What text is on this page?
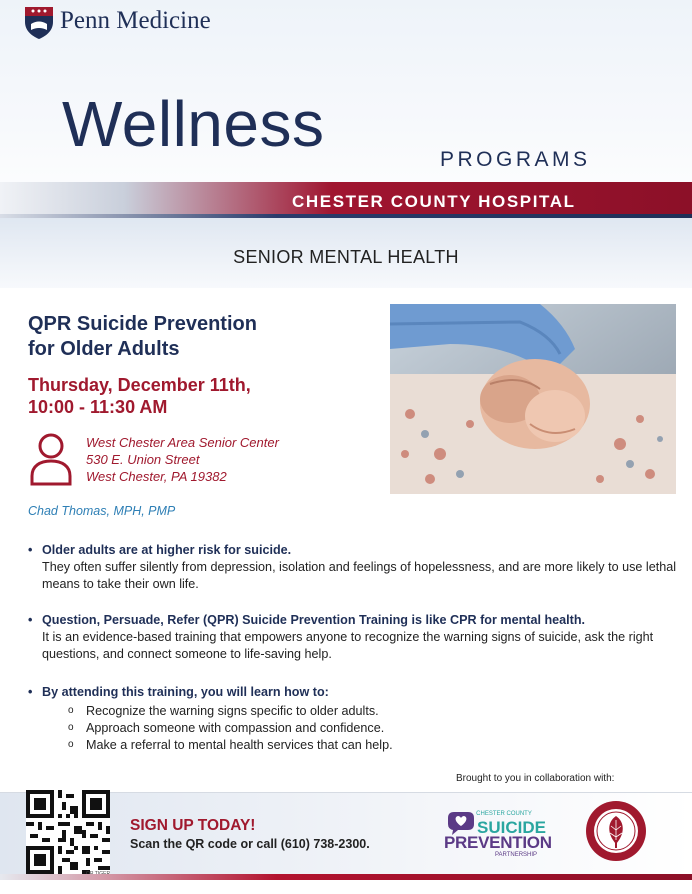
Penn Medicine
Wellness	PROGRAMS
CHESTER COUNTY HOSPITAL
SENIOR MENTAL HEALTH
QPR Suicide Prevention
for Older Adults
Thursday, December 11th,
10:00 - 11:30 AM
West Chester Area Senior Center
530 E. Union Street
West Chester, PA 19382
Chad Thomas, MPH, PMP
• Older adults are at higher risk for suicide.
They often suffer silently from depression, isolation and feelings of hopelessness, and are more likely to use lethal means to take their own life.
• Question, Persuade, Refer (QPR) Suicide Prevention Training is like CPR for mental health.
It is an evidence-based training that empowers anyone to recognize the warning signs of suicide, ask the right questions, and connect someone to life-saving help.
• By attending this training, you will learn how to:
o Recognize the warning signs specific to older adults.
o Approach someone with compassion and confidence.
o Make a referral to mental health services that can help.
Brought to you in collaboration with:
SIGN UP TODAY!
Scan the QR code or call (610) 738-2300.
CHESTER COUNTY
SUICIDE
PREVENTION
PARTNERSHIP
